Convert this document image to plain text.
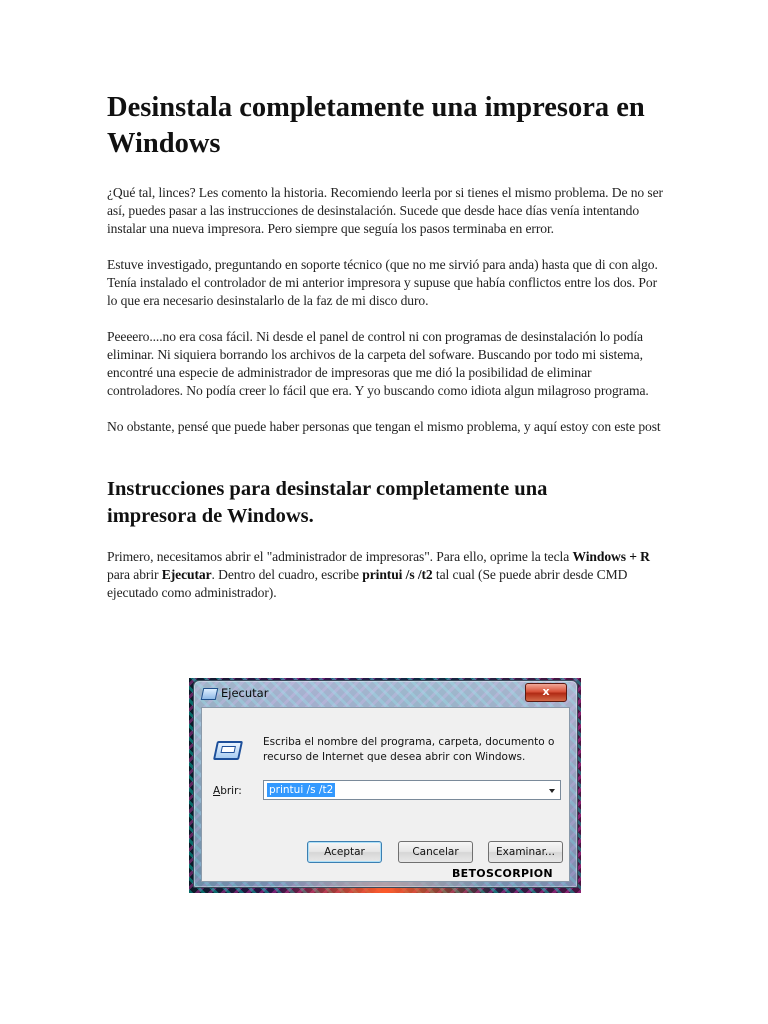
Desinstala completamente una impresora en Windows

¿Qué tal, linces? Les comento la historia. Recomiendo leerla por si tienes el mismo problema. De no ser así, puedes pasar a las instrucciones de desinstalación. Sucede que desde hace días venía intentando instalar una nueva impresora. Pero siempre que seguía los pasos terminaba en error.

Estuve investigado, preguntando en soporte técnico (que no me sirvió para anda) hasta que di con algo. Tenía instalado el controlador de mi anterior impresora y supuse que había conflictos entre los dos. Por lo que era necesario desinstalarlo de la faz de mi disco duro.

Peeeero....no era cosa fácil. Ni desde el panel de control ni con programas de desinstalación lo podía eliminar. Ni siquiera borrando los archivos de la carpeta del sofware. Buscando por todo mi sistema, encontré una especie de administrador de impresoras que me dió la posibilidad de eliminar controladores. No podía creer lo fácil que era. Y yo buscando como idiota algun milagroso programa.

No obstante, pensé que puede haber personas que tengan el mismo problema, y aquí estoy con este post

Instrucciones para desinstalar completamente una impresora de Windows.

Primero, necesitamos abrir el "administrador de impresoras". Para ello, oprime la tecla Windows + R para abrir Ejecutar. Dentro del cuadro, escribe printui /s /t2 tal cual (Se puede abrir desde CMD ejecutado como administrador).

Ejecutar	x
Escriba el nombre del programa, carpeta, documento o recurso de Internet que desea abrir con Windows.
Abrir:	printui /s /t2
Aceptar	Cancelar	Examinar...
BETOSCORPION
